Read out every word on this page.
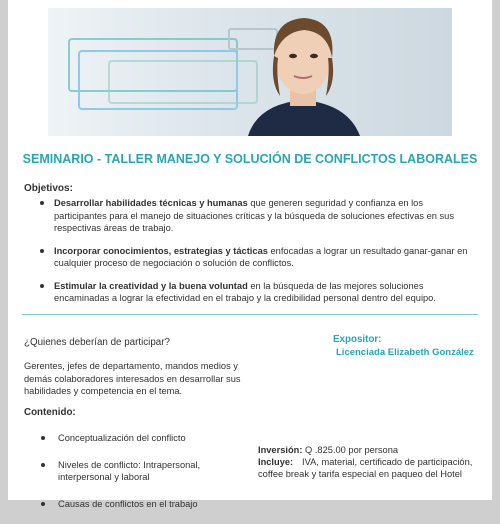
SEMINARIO - TALLER MANEJO Y SOLUCIÓN DE CONFLICTOS LABORALES
Objetivos:
Desarrollar habilidades técnicas y humanas que generen seguridad y confianza en los participantes para el manejo de situaciones críticas y la búsqueda de soluciones efectivas en sus respectivas áreas de trabajo.
Incorporar conocimientos, estrategias y tácticas enfocadas a lograr un resultado ganar-ganar en cualquier proceso de negociación o solución de conflictos.
Estimular la creatividad y la buena voluntad en la búsqueda de las mejores soluciones encaminadas a lograr la efectividad en el trabajo y la credibilidad personal dentro del equipo.
¿Quienes deberían de participar?
Gerentes, jefes de departamento, mandos medios y demás colaboradores interesados en desarrollar sus habilidades y competencia en el tema.
Contenido:
Conceptualización del conflicto
Niveles de conflicto: Intrapersonal, interpersonal y laboral
Causas de conflictos en el trabajo
Expositor:
Licenciada Elizabeth González
Inversión: Q .825.00 por persona
Incluye: IVA, material, certificado de participación, coffee break y tarifa especial en paqueo del Hotel
